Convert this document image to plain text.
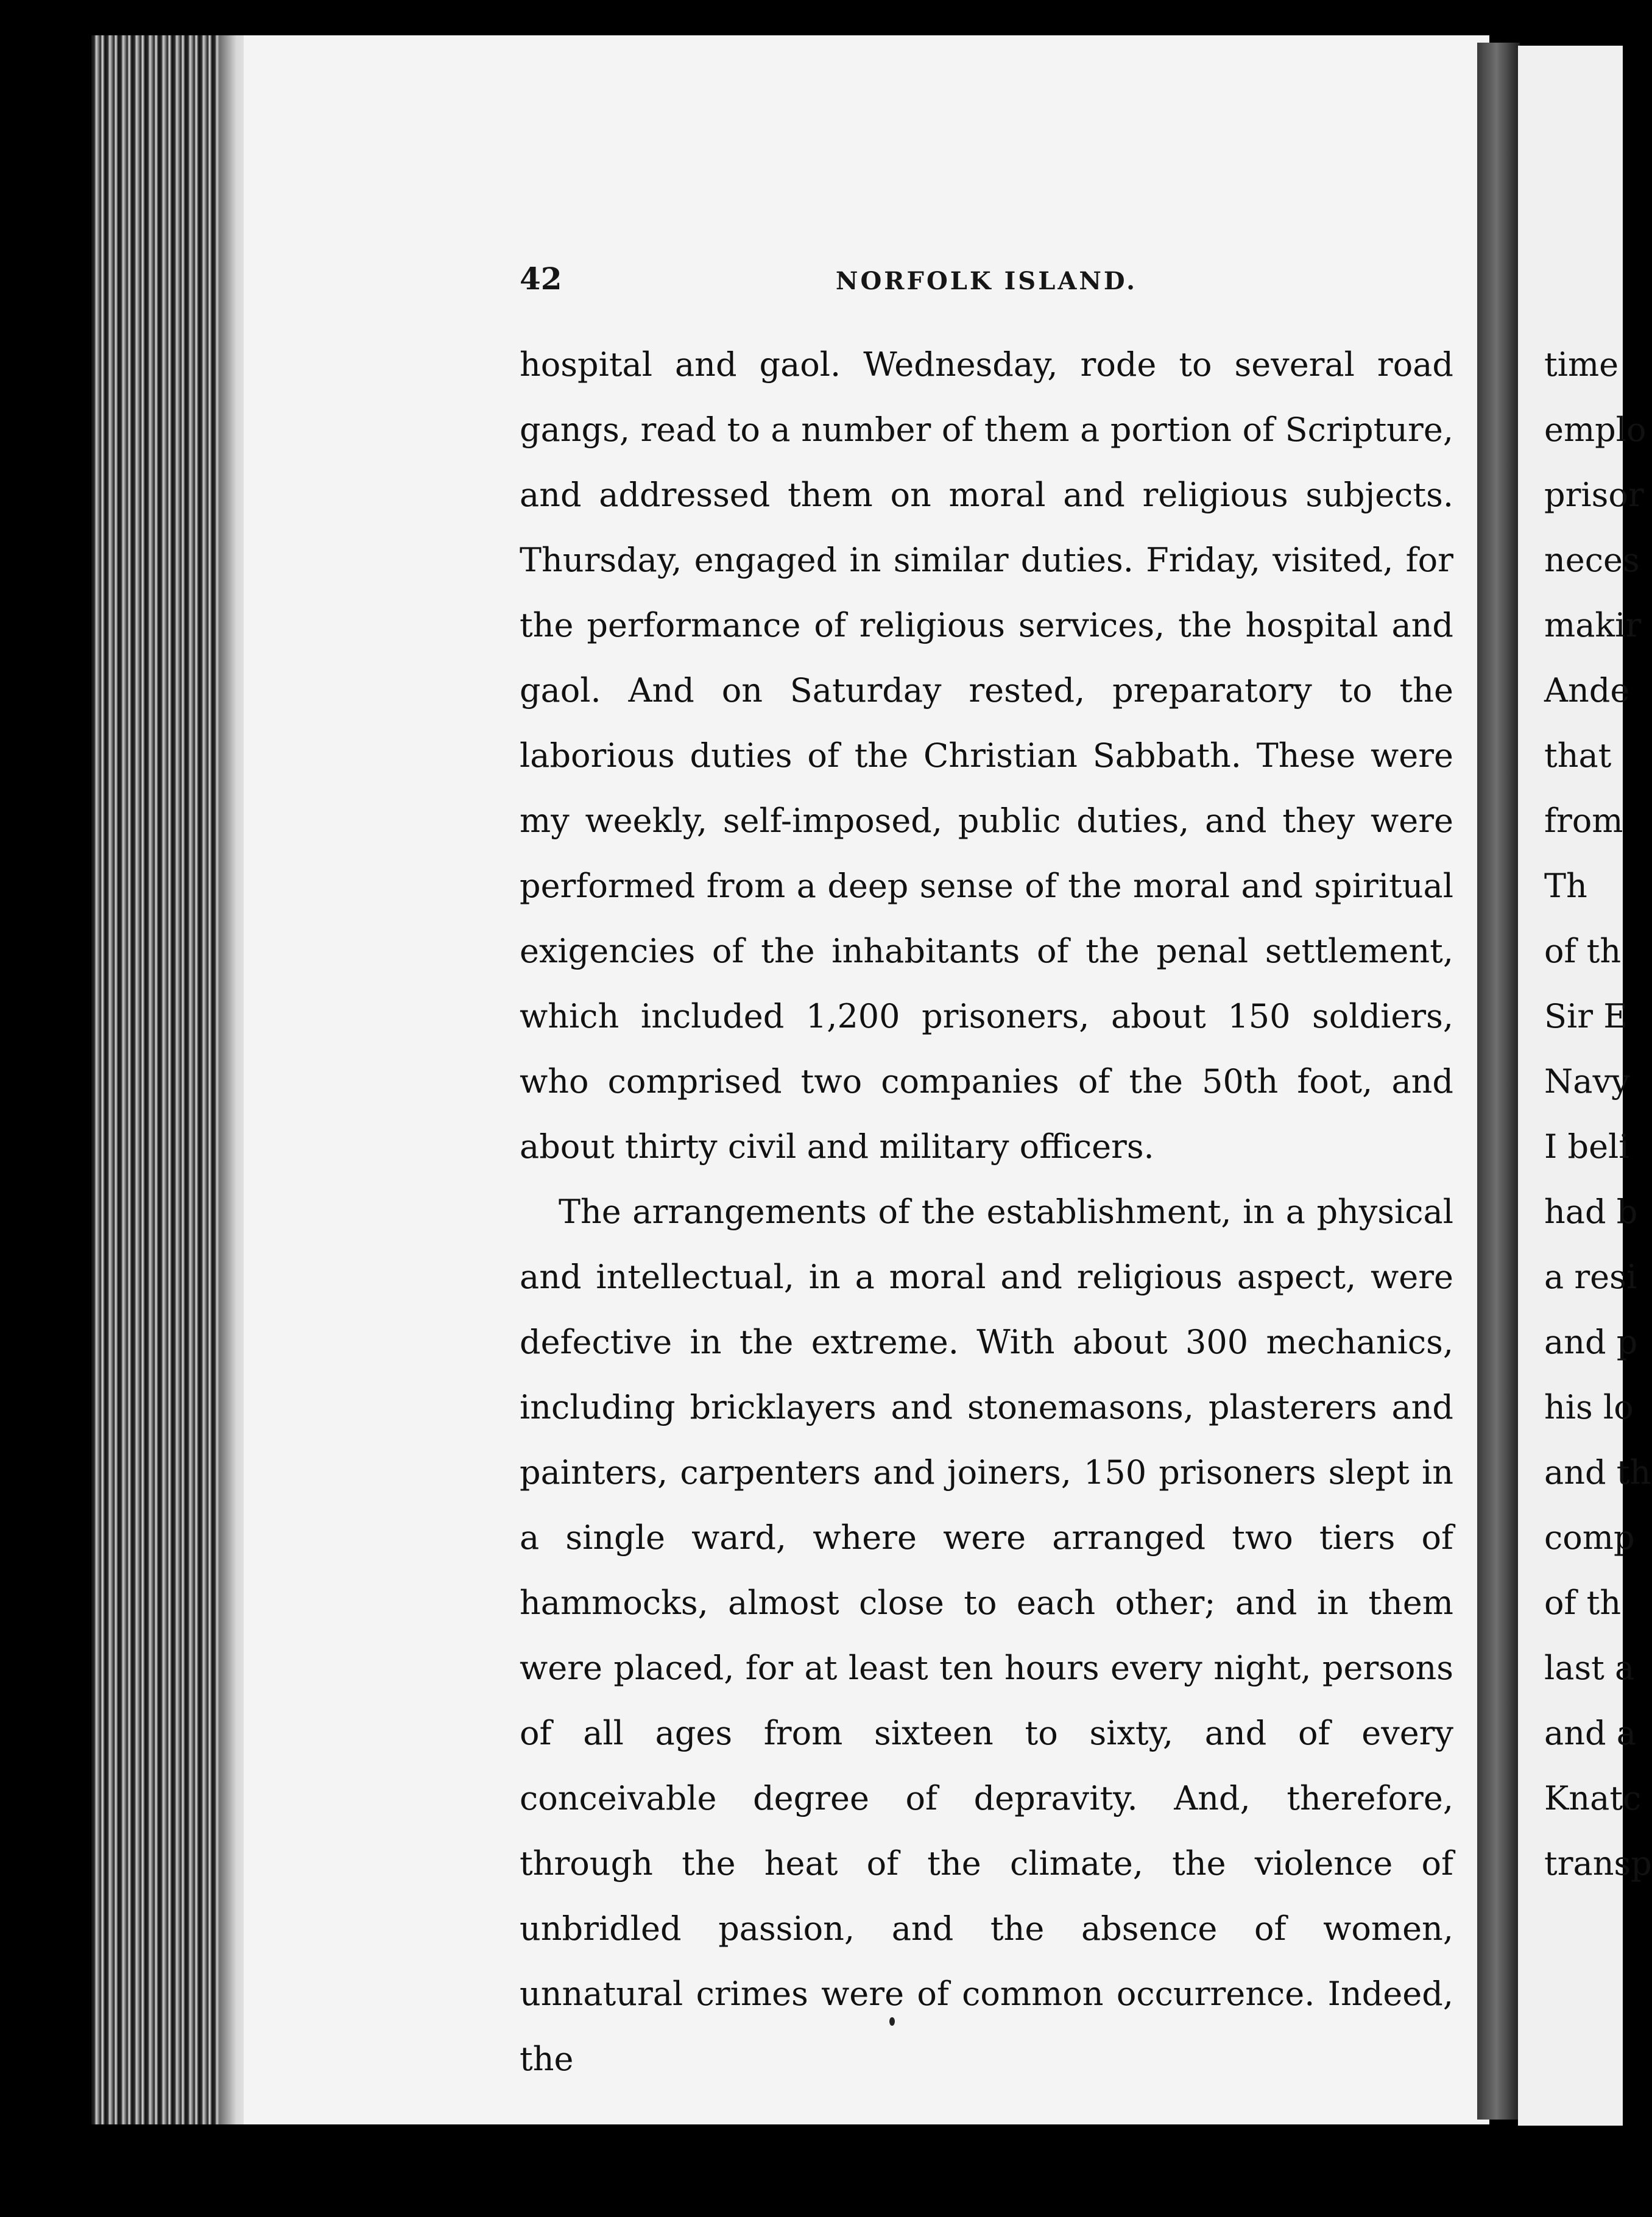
42	NORFOLK ISLAND.

hospital and gaol. Wednesday, rode to several road gangs, read to a number of them a portion of Scripture, and addressed them on moral and religious subjects. Thursday, engaged in similar duties. Friday, visited, for the performance of religious services, the hospital and gaol. And on Saturday rested, preparatory to the laborious duties of the Christian Sabbath. These were my weekly, self-imposed, public duties, and they were performed from a deep sense of the moral and spiritual exigencies of the inhabitants of the penal settlement, which included 1,200 prisoners, about 150 soldiers, who comprised two companies of the 50th foot, and about thirty civil and military officers.

The arrangements of the establishment, in a physical and intellectual, in a moral and religious aspect, were defective in the extreme. With about 300 mechanics, including bricklayers and stonemasons, plasterers and painters, carpenters and joiners, 150 prisoners slept in a single ward, where were arranged two tiers of hammocks, almost close to each other; and in them were placed, for at least ten hours every night, persons of all ages from sixteen to sixty, and of every conceivable degree of depravity. And, therefore, through the heat of the climate, the violence of unbridled passion, and the absence of women, unnatural crimes were of common occurrence. Indeed, the

time
emplo
prisor
neces
makir
Ande
that
from
Th
of th
Sir E
Navy
I beli
had b
a resi
and p
his lo
and th
comp
of th
last a
and a
Knatc
transp
